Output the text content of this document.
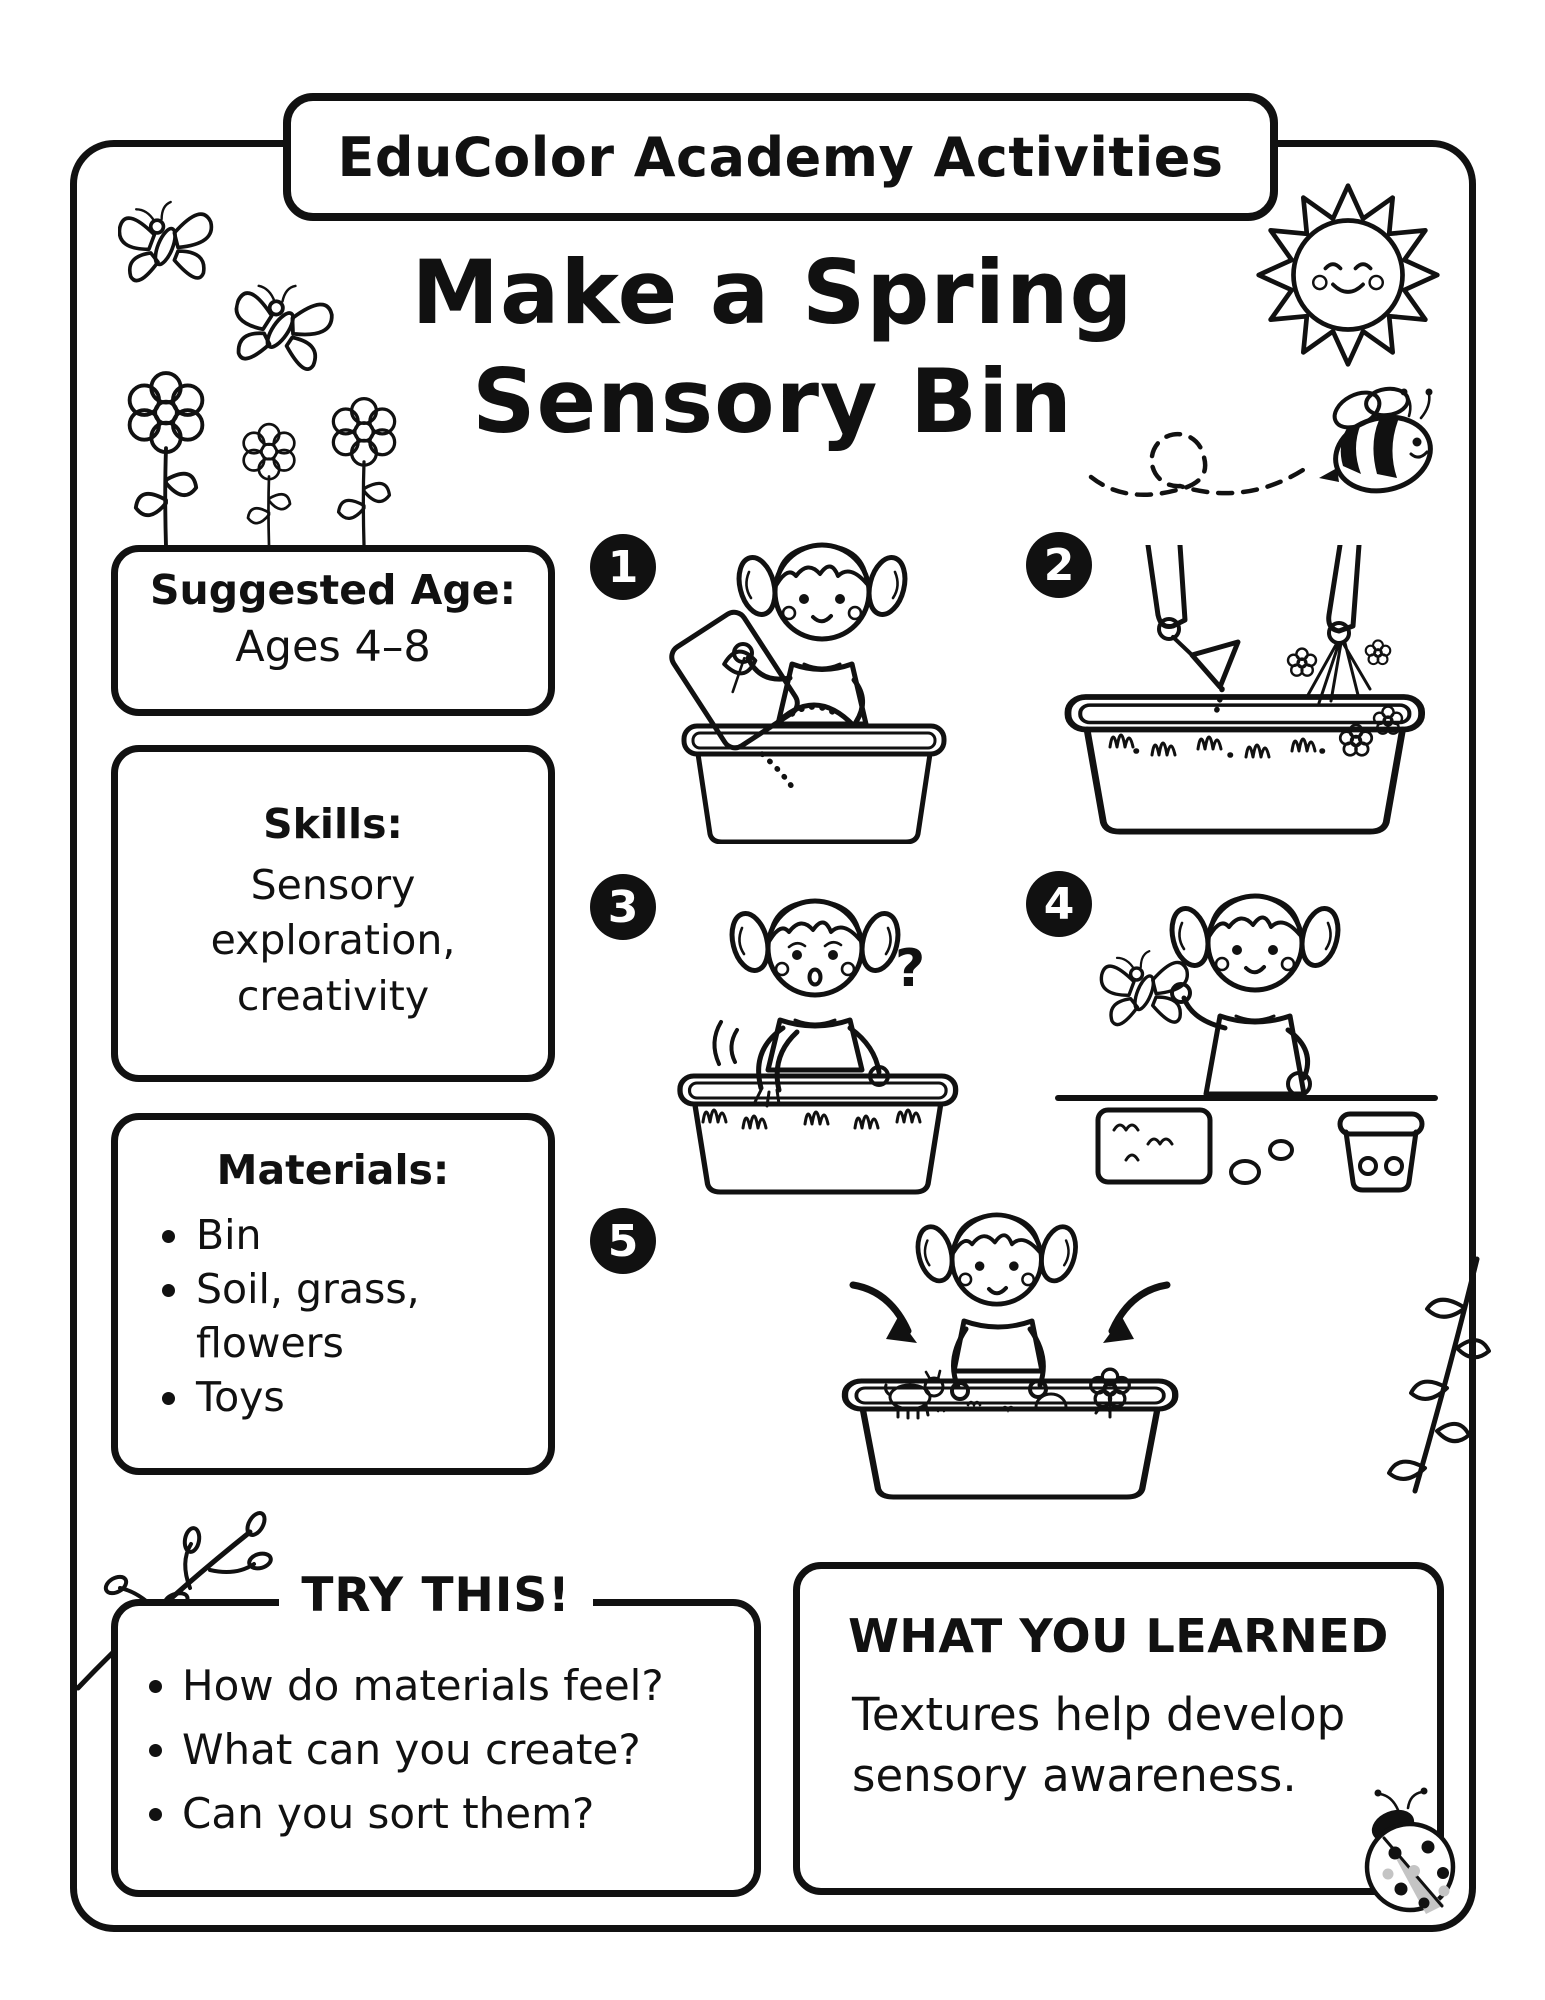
EduColor Academy Activities
Make a Spring
Sensory Bin
Suggested Age:
Ages 4–8
Skills:
Sensory exploration, creativity
Materials:
• Bin
• Soil, grass, flowers
• Toys
1	2
3	4
5
?
• How do materials feel?
• What can you create?
• Can you sort them?
TRY THIS!
WHAT YOU LEARNED
Textures help develop sensory awareness.
